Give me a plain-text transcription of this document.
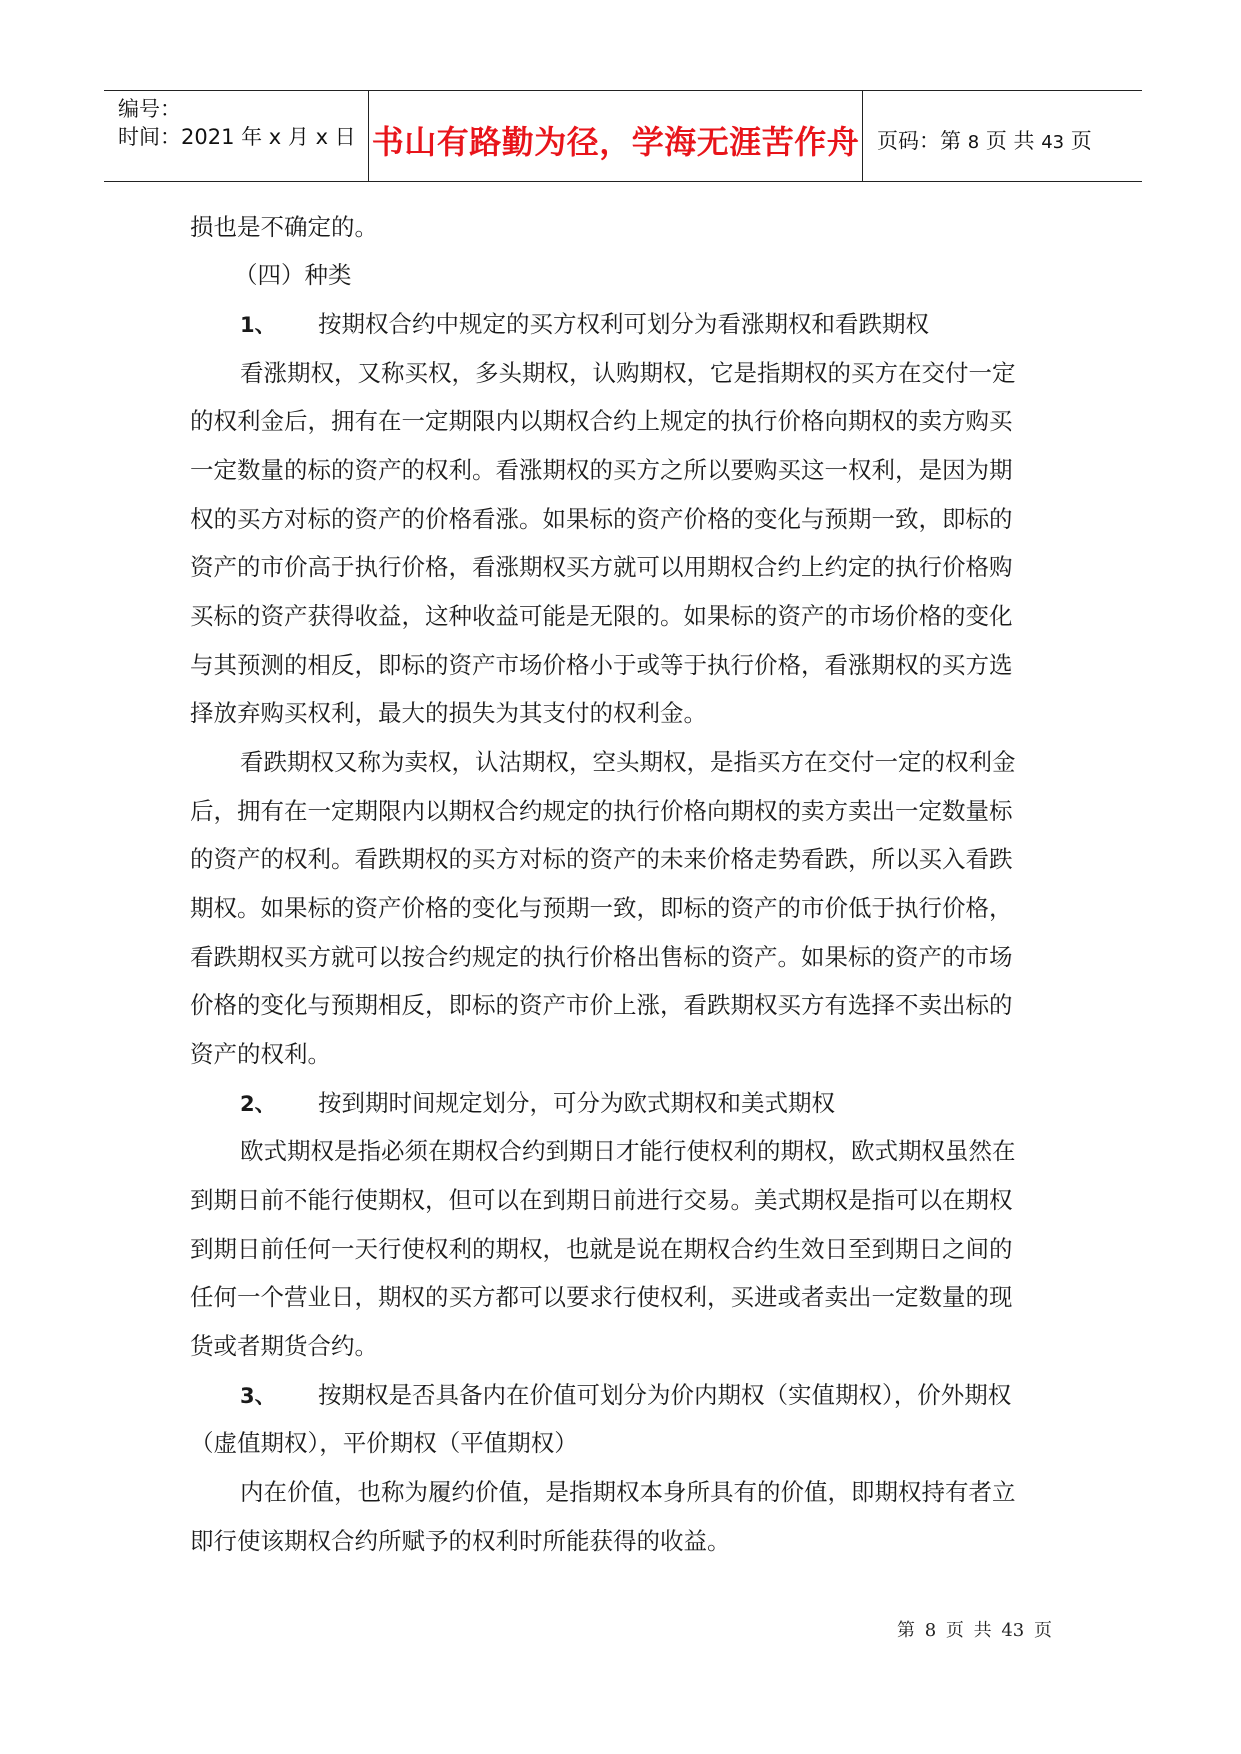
编号：
时间：2021 年 x 月 x 日 书山有路勤为径，学海无涯苦作舟 页码：第 8 页 共 43 页
损也是不确定的。
（四）种类
1、 按期权合约中规定的买方权利可划分为看涨期权和看跌期权
看涨期权，又称买权，多头期权，认购期权，它是指期权的买方在交付一定
的权利金后，拥有在一定期限内以期权合约上规定的执行价格向期权的卖方购买
一定数量的标的资产的权利。看涨期权的买方之所以要购买这一权利，是因为期
权的买方对标的资产的价格看涨。如果标的资产价格的变化与预期一致，即标的
资产的市价高于执行价格，看涨期权买方就可以用期权合约上约定的执行价格购
买标的资产获得收益，这种收益可能是无限的。如果标的资产的市场价格的变化
与其预测的相反，即标的资产市场价格小于或等于执行价格，看涨期权的买方选
择放弃购买权利，最大的损失为其支付的权利金。
看跌期权又称为卖权，认沽期权，空头期权，是指买方在交付一定的权利金
后，拥有在一定期限内以期权合约规定的执行价格向期权的卖方卖出一定数量标
的资产的权利。看跌期权的买方对标的资产的未来价格走势看跌，所以买入看跌
期权。如果标的资产价格的变化与预期一致，即标的资产的市价低于执行价格，
看跌期权买方就可以按合约规定的执行价格出售标的资产。如果标的资产的市场
价格的变化与预期相反，即标的资产市价上涨，看跌期权买方有选择不卖出标的
资产的权利。
2、 按到期时间规定划分，可分为欧式期权和美式期权
欧式期权是指必须在期权合约到期日才能行使权利的期权，欧式期权虽然在
到期日前不能行使期权，但可以在到期日前进行交易。美式期权是指可以在期权
到期日前任何一天行使权利的期权，也就是说在期权合约生效日至到期日之间的
任何一个营业日，期权的买方都可以要求行使权利，买进或者卖出一定数量的现
货或者期货合约。
3、 按期权是否具备内在价值可划分为价内期权（实值期权），价外期权
（虚值期权），平价期权（平值期权）
内在价值，也称为履约价值，是指期权本身所具有的价值，即期权持有者立
即行使该期权合约所赋予的权利时所能获得的收益。
第 8 页 共 43 页
